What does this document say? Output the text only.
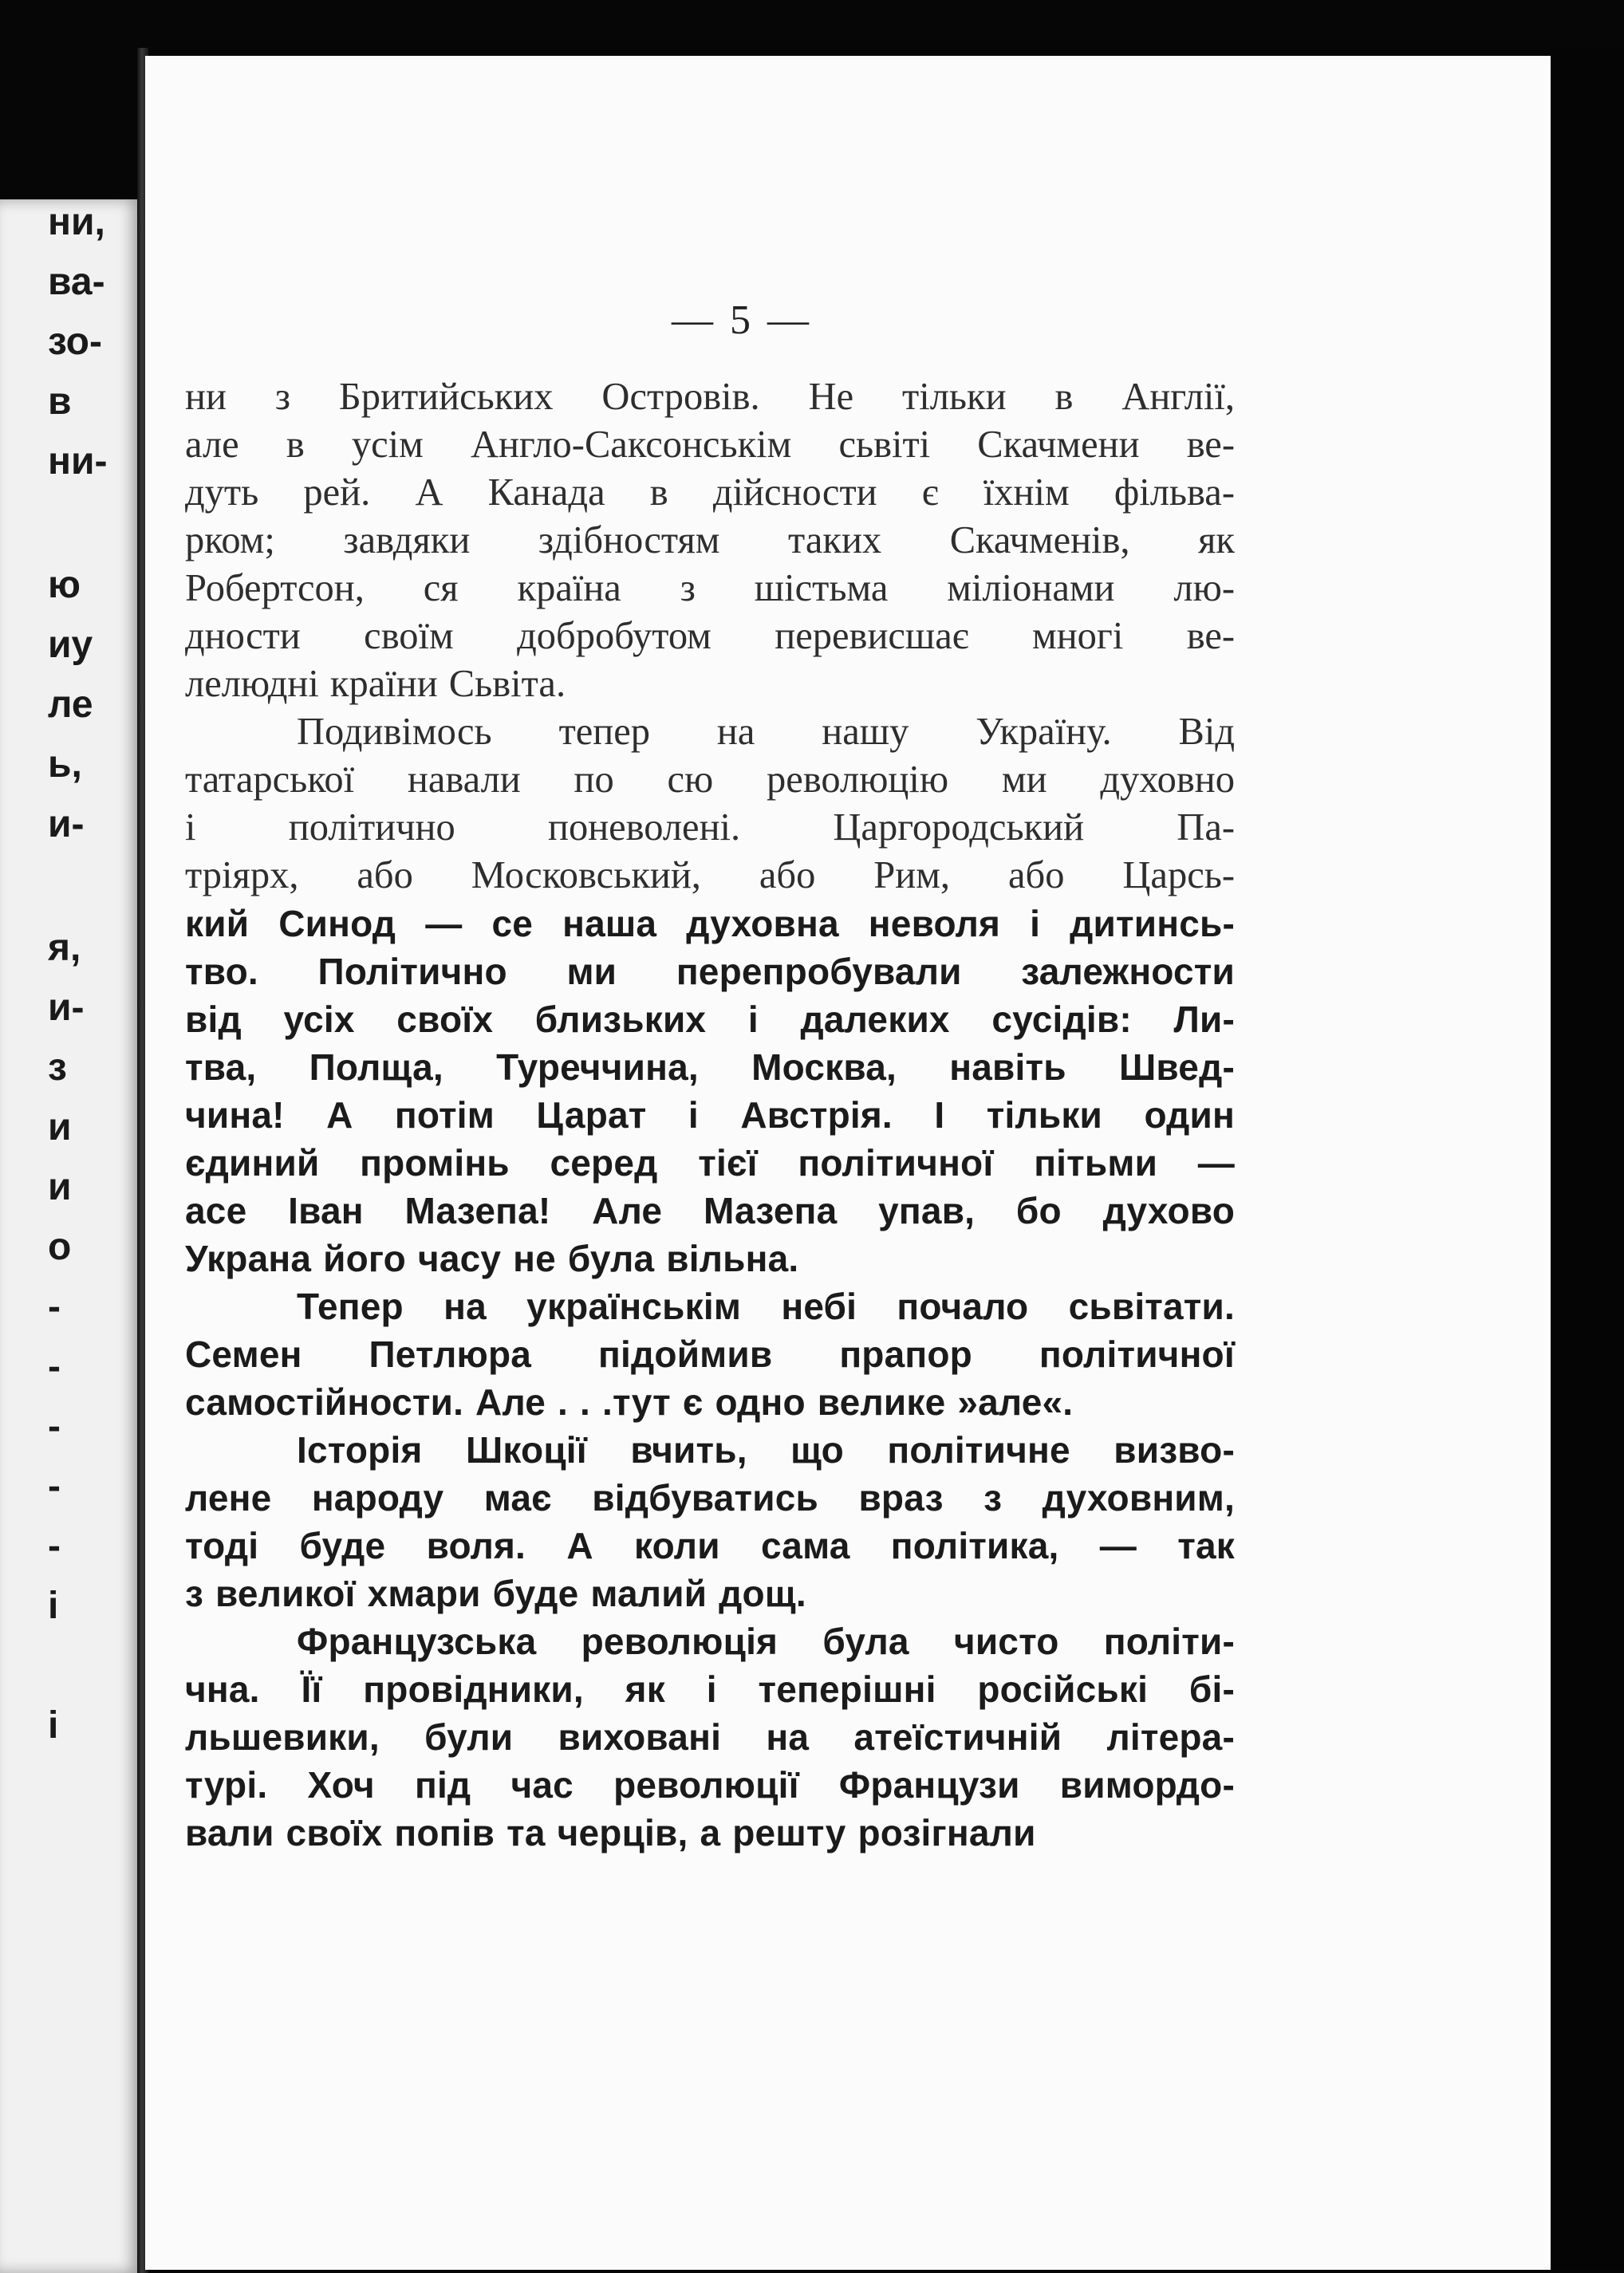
ни,
ва-
зо-
в
ни-
ю
иу
ле
ь,
и-
я,
и-
з
и
и
о
-
-
-
-
-
і
і
— 5 —
ни з Бритийських Островів. Не тільки в Англії,
але в усім Англо-Саксонськім сьвіті Скачмени ве-
дуть рей. А Канада в дійсности є їхнім фільва-
рком; завдяки здібностям таких Скачменів, як
Робертсон, ся країна з шістьма міліонами лю-
дности своїм добробутом перевисшає многі ве-
лелюдні країни Сьвіта.
Подивімось тепер на нашу Україну. Від
татарської навали по сю революцію ми духовно
і політично поневолені. Царгородський Па-
тріярх, або Московський, або Рим, або Царсь-
кий Синод — се наша духовна неволя і дитинсь-
тво. Політично ми перепробували залежности
від усіх своїх близьких і далеких сусідів: Ли-
тва, Полща, Туреччина, Москва, навіть Швед-
чина! А потім Царат і Австрія. І тільки один
єдиний промінь серед тієї політичної пітьми —
асе Іван Мазепа! Але Мазепа упав, бо духово
Украна його часу не була вільна.
Тепер на українськім небі почало сьвітати.
Семен Петлюра підоймив прапор політичної
самостійности. Але . . .тут є одно велике »але«.
Історія Шкоції вчить, що політичне визво-
лене народу має відбуватись враз з духовним,
тоді буде воля. А коли сама політика, — так
з великої хмари буде малий дощ.
Французська революція була чисто політи-
чна. Її провідники, як і теперішні російські бі-
льшевики, були виховані на атеїстичній літера-
турі. Хоч під час революції Французи вимордо-
вали своїх попів та черців, а решту розігнали
